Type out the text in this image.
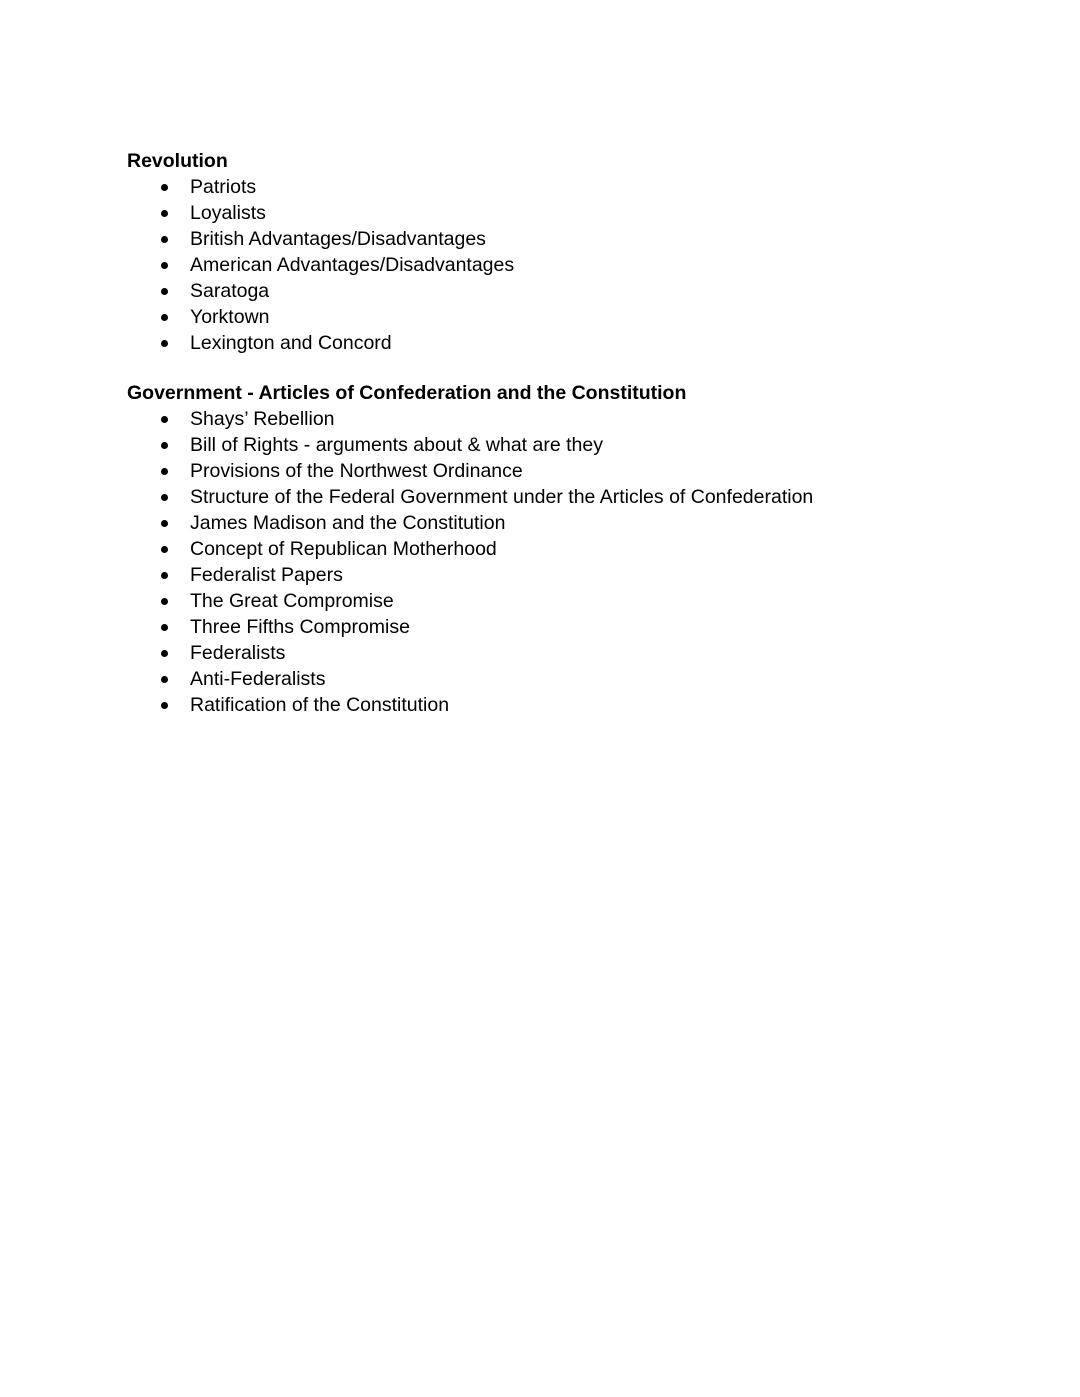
Revolution
Patriots
Loyalists
British Advantages/Disadvantages
American Advantages/Disadvantages
Saratoga
Yorktown
Lexington and Concord
Government - Articles of Confederation and the Constitution
Shays’ Rebellion
Bill of Rights - arguments about & what are they
Provisions of the Northwest Ordinance
Structure of the Federal Government under the Articles of Confederation
James Madison and the Constitution
Concept of Republican Motherhood
Federalist Papers
The Great Compromise
Three Fifths Compromise
Federalists
Anti-Federalists
Ratification of the Constitution
